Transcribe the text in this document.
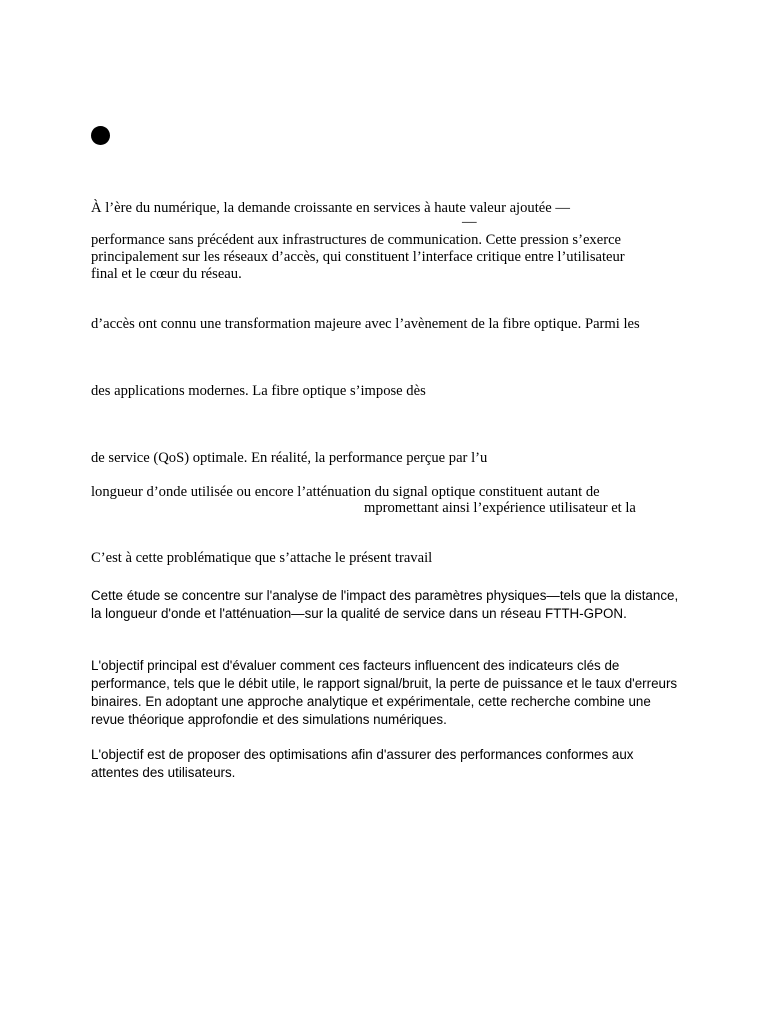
À l’ère du numérique, la demande croissante en services à haute valeur ajoutée —
—
performance sans précédent aux infrastructures de communication. Cette pression s’exerce
principalement sur les réseaux d’accès, qui constituent l’interface critique entre l’utilisateur
final et le cœur du réseau.
d’accès ont connu une transformation majeure avec l’avènement de la fibre optique. Parmi les
des applications modernes. La fibre optique s’impose dès
de service (QoS) optimale. En réalité, la performance perçue par l’u
longueur d’onde utilisée ou encore l’atténuation du signal optique constituent autant de
mpromettant ainsi l’expérience utilisateur et la
C’est à cette problématique que s’attache le présent travail

Cette étude se concentre sur l'analyse de l'impact des paramètres physiques—tels que la distance, la longueur d'onde et l'atténuation—sur la qualité de service dans un réseau FTTH-GPON.

L'objectif principal est d'évaluer comment ces facteurs influencent des indicateurs clés de performance, tels que le débit utile, le rapport signal/bruit, la perte de puissance et le taux d'erreurs binaires. En adoptant une approche analytique et expérimentale, cette recherche combine une revue théorique approfondie et des simulations numériques.

L'objectif est de proposer des optimisations afin d'assurer des performances conformes aux attentes des utilisateurs.
